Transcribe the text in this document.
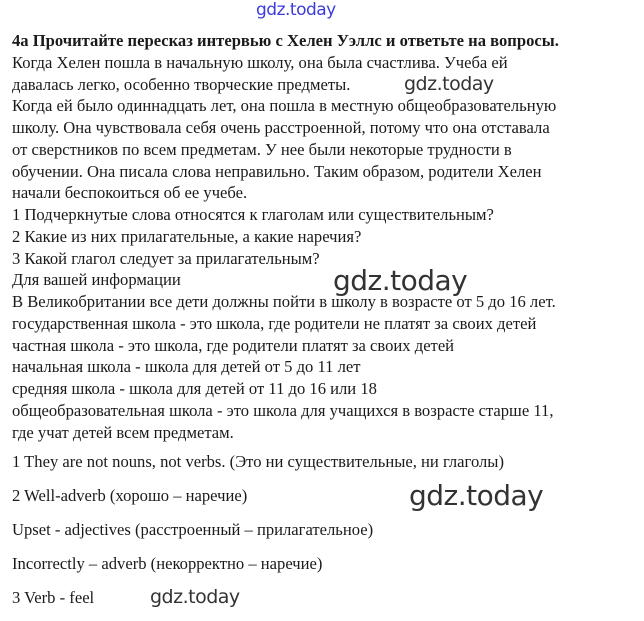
gdz.today
4а Прочитайте пересказ интервью с Хелен Уэллс и ответьте на вопросы.
Когда Хелен пошла в начальную школу, она была счастлива. Учеба ей
давалась легко, особенно творческие предметы.
Когда ей было одиннадцать лет, она пошла в местную общеобразовательную
школу. Она чувствовала себя очень расстроенной, потому что она отставала
от сверстников по всем предметам. У нее были некоторые трудности в
обучении. Она писала слова неправильно. Таким образом, родители Хелен
начали беспокоиться об ее учебе.
1 Подчеркнутые слова относятся к глаголам или существительным?
2 Какие из них прилагательные, а какие наречия?
3 Какой глагол следует за прилагательным?
Для вашей информации
В Великобритании все дети должны пойти в школу в возрасте от 5 до 16 лет.
государственная школа - это школа, где родители не платят за своих детей
частная школа - это школа, где родители платят за своих детей
начальная школа - школа для детей от 5 до 11 лет
средняя школа - школа для детей от 11 до 16 или 18
общеобразовательная школа - это школа для учащихся в возрасте старше 11,
где учат детей всем предметам.
1 They are not nouns, not verbs. (Это ни существительные, ни глаголы)
2 Well-adverb (хорошо – наречие)
Upset - adjectives (расстроенный – прилагательное)
Incorrectly – adverb (некорректно – наречие)
3 Verb - feel
gdz.today
gdz.today
gdz.today
gdz.today
